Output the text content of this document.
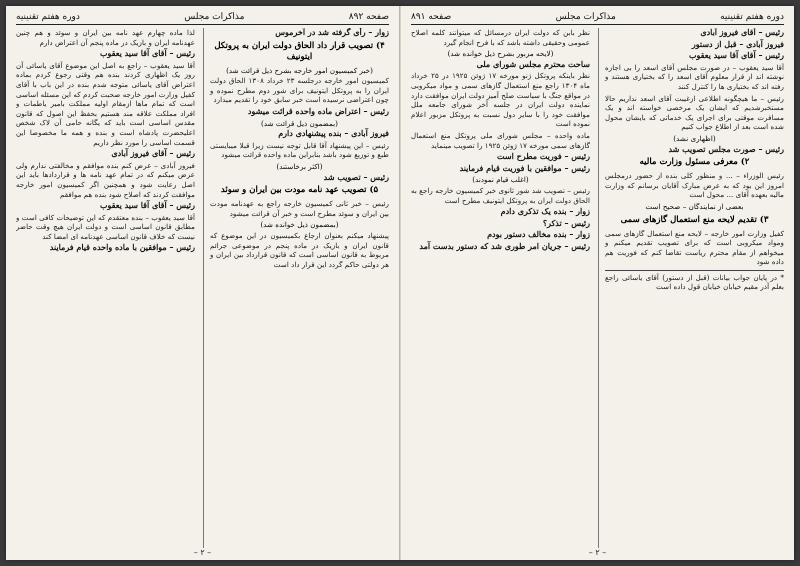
صفحه ۸۹۲
مذاکرات مجلس
دوره هفتم تقنینیه

زوار – رأی گرفته شد در آخرموس

۴) تصویب قرار داد الحاق دولت ایران به پروتکل ایتونیف
(خبر کمیسیون امور خارجه بشرح ذیل قرائت شد)

کمیسیون امور خارجه درجلسه ۲۳ خرداد ۱۳۰۸ الحاق دولت ایران را به پروتکل ایتونیف برای شور دوم مطرح نموده و چون اعتراضی نرسیده است خبر سابق خود را تقدیم میدارد

رئیس – اعتراض ماده واحده قرائت میشود

(بمضمون ذیل قرائت شد)

فیروز آبادی – بنده پیشنهادی دارم

رئیس – این پیشنهاد آقا قابل توجه نیست زیرا قبلا میبایستی طبع و توزیع شود باشد بنابراین ماده واحده قرائت میشود

(اکثر برخاستند)

رئیس – تصویب شد

۵) تصویب عهد نامه مودت بین ایران و سوئد

رئیس – خبر ثانی کمیسیون خارجه راجع به عهدنامه مودت بین ایران و سوئد مطرح است و خبر آن قرائت میشود

(بمضمون ذیل خوانده شد)

پیشنهاد میکنم بعنوان ارجاع بکمیسیون در این موضوع که قانون ایران و بازیک در ماده پنجم در موضوعی جرائم مربوط به قانون اساسی است که قانون قرارداد بین ایران و هر دولتی حاکم گردد این قرار داد است

لذا ماده چهارم عهد نامه بین ایران و سوئد و هم چنین عهدنامه ایران و بازیک در ماده پنجم آن اعتراض دارم

رئیس – آقای آقا سید یعقوب

آقا سید یعقوب – راجع به اصل این موضوع آقای یاسائی آن روز یک اظهاری کردند بنده هم وقتی رجوع کردم بماده اعتراض آقای یاسائی متوجه شدم بنده در این باب با آقای کفیل وزارت امور خارجه صحبت کردم که این مسئله اساسی است که تمام ماها ازمقام اولیه مملکت بامیر یاطمات و افراد مملکت علاقه مند هستیم بحفظ این اصول که قانون مقدس اساسی است باید که یگانه حامی آن لاک شخص اعلیحضرت پادشاه است و بنده و همه ما مخصوصا این قسمت اساسی را مورد نظر داریم

رئیس – آقای فیروز آبادی

فیروز آبادی – عرض کنم بنده موافقم و مخالفتی ندارم ولی عرض میکنم که در تمام عهد نامه ها و قراردادها باید این اصل رعایت شود و همچنین اگر کمیسیون امور خارجه موافقت کردند که اصلاح شود بنده هم موافقم

رئیس – آقای آقا سید یعقوب

آقا سید یعقوب – بنده معتقدم که این توضیحات کافی است و مطابق قانون اساسی است و دولت ایران هیچ وقت حاضر نیست که خلاف قانون اساسی عهدنامه ای امضا کند

رئیس – موافقین با ماده واحده قیام فرمایند

– ۲ –
دوره هفتم تقنینیه
مذاکرات مجلس
صفحه ۸۹۱

رئیس – آقای فیروز آبادی

فیروز آبادی – قبل از دستور

رئیس – آقای آقا سید یعقوب

آقا سید یعقوب – در صورت مجلس آقای اسعد را بی اجازه نوشته اند از قرار معلوم آقای اسعد را که بختیاری هستند و رفته اند که بختیاری ها را کنترل کنند

رئیس – ما هیچگونه اطلاعی ازغیبت آقای اسعد نداریم حالا مستخبرشدیم که ایشان یک مرخصی خواسته اند و یک مسافرت موقتی برای اجرای یک خدماتی که بایشان محول شده است بعد از اطلاع جواب کنیم

(اظهاری نشد)

رئیس – صورت مجلس تصویب شد

۲) معرفی مسئول وزارت مالیه

رئیس الوزراء – ... و منظور کلی بنده از حضور درمجلس امروز این بود که به عرض مبارک آقایان برسانم که وزارت مالیه بعهده آقای ... محول است

بعضی از نمایندگان – صحیح است
۳) تقدیم لایحه منع استعمال گازهای سمی

کفیل وزارت امور خارجه – لایحه منع استعمال گازهای سمی ومواد میکروبی است که برای تصویب تقدیم میکنم و میخواهم از مقام محترم ریاست تقاضا کنم که فوریت هم داده شود

* در پایان جواب بیانات (قبل از دستور) آقای یاسائی راجع بعلم آذر مقیم خیابان خیابان قول داده است

نظر بابن که دولت ایران درمسائل که میتوانند کلمه اصلاح عمومی وحقیقی داشته باشد که با فرح انجام گیرد

(لایحه مزبور بشرح ذیل خوانده شد)

ساحت محترم مجلس شورای ملی

نظر باینکه پروتکل ژنو مورخه ۱۷ ژوئن ۱۹۲۵ در ۲۵ خرداد ماه ۱۳۰۴ راجع منع استعمال گازهای سمی و مواد میکروبی در مواقع جنگ با سیاست صلح آمیز دولت ایران موافقت دارد نماینده دولت ایران در جلسه آخر شورای جامعه ملل موافقت خود را با سایر دول نسبت به پروتکل مزبور اعلام نموده است

ماده واحده – مجلس شورای ملی پروتکل منع استعمال گازهای سمی مورخه ۱۷ ژوئن ۱۹۲۵ را تصویب مینماید

رئیس – فوریت مطرح است

رئیس – موافقین با فوریت قیام فرمایند

(اغلب قیام نمودند)

رئیس – تصویب شد شور ثانوی خبر کمیسیون خارجه راجع به الحاق دولت ایران به پروتکل ایتونیف مطرح است

زوار – بنده یک تذکری دادم

رئیس – تذکر؟

زوار – بنده مخالف دستور بودم

رئیس – جریان امر طوری شد که دستور بدست آمد

– ۲ –
